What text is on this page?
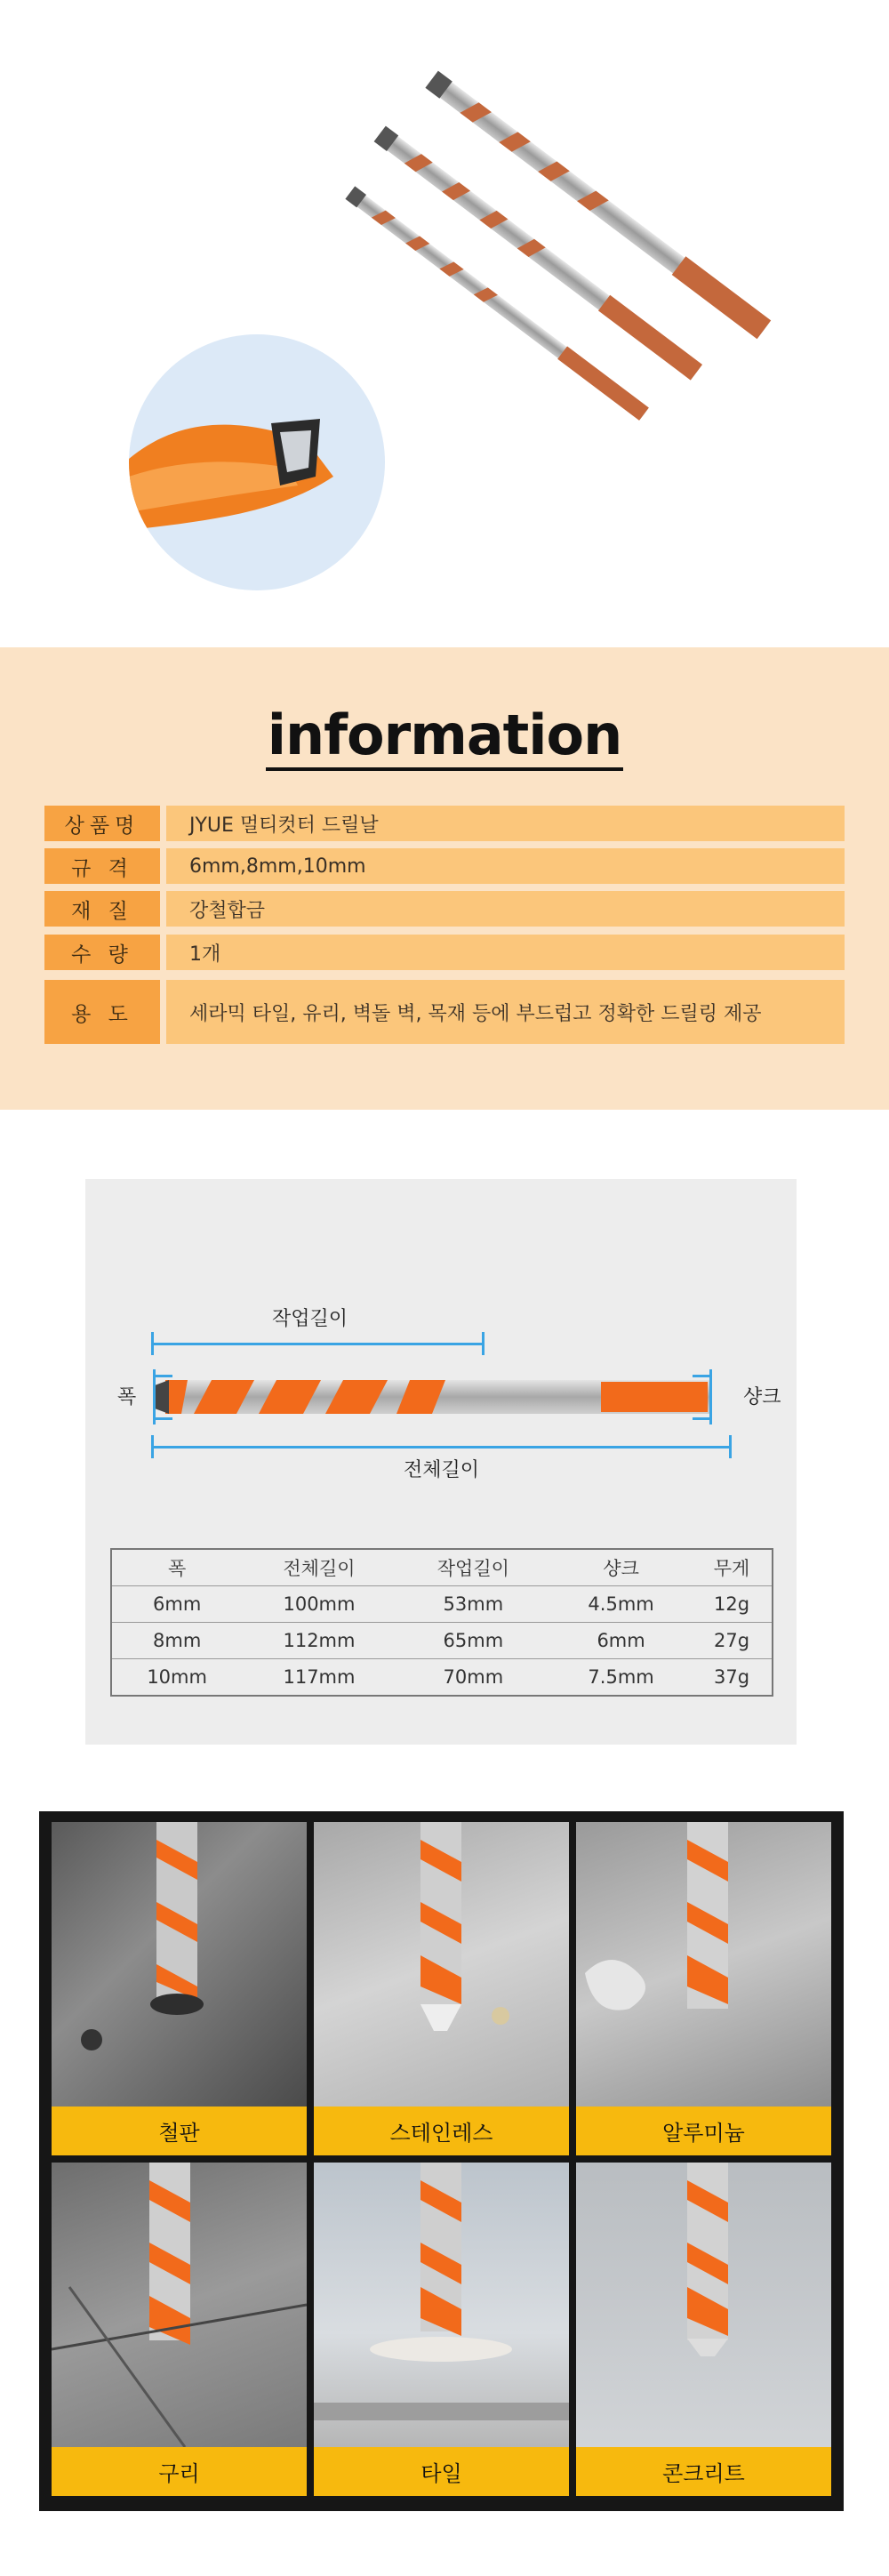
information
상품명	JYUE 멀티컷터 드릴날
규 격	6mm,8mm,10mm
재 질	강철합금
수 량	1개
용 도	세라믹 타일, 유리, 벽돌 벽, 목재 등에 부드럽고 정확한 드릴링 제공
작업길이
폭	샹크
전체길이
폭	전체길이	작업길이	샹크	무게
6mm	100mm	53mm	4.5mm	12g
8mm	112mm	65mm	6mm	27g
10mm	117mm	70mm	7.5mm	37g
철판	스테인레스	알루미늄
구리	타일	콘크리트
